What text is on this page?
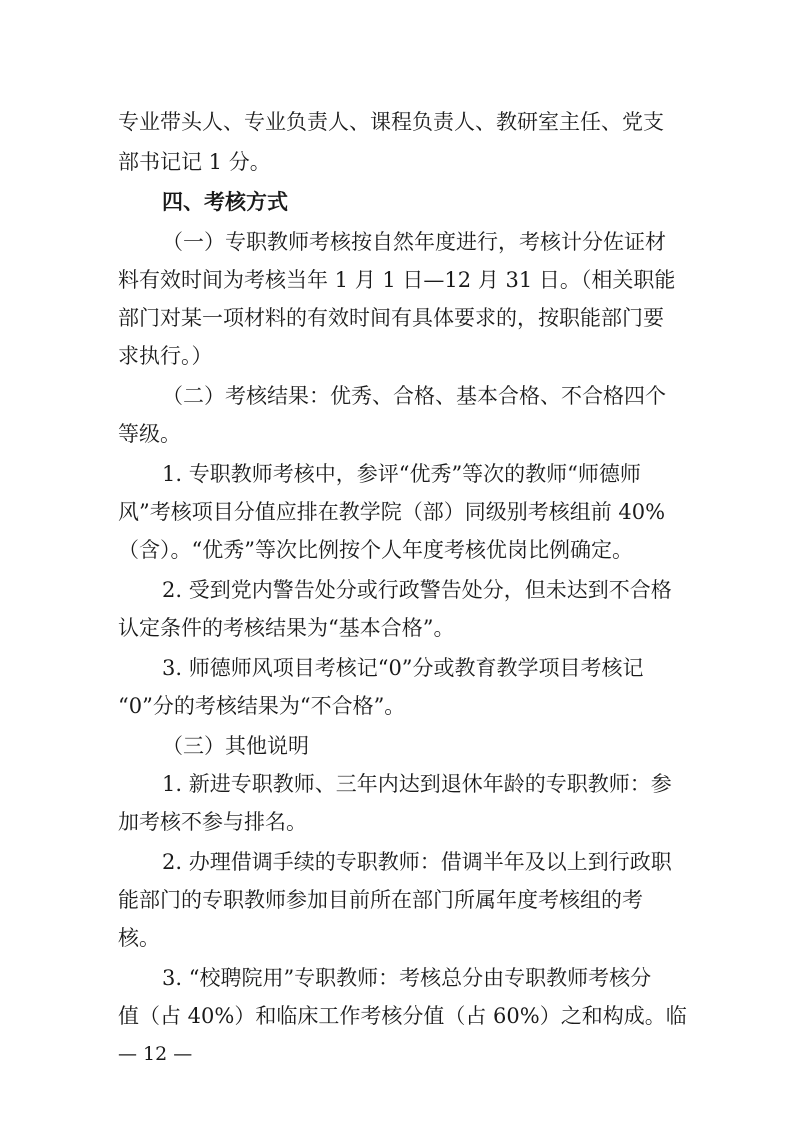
专业带头人、专业负责人、课程负责人、教研室主任、党支
部书记记 1 分。
四、考核方式
（一）专职教师考核按自然年度进行，考核计分佐证材
料有效时间为考核当年 1 月 1 日—12 月 31 日。（相关职能
部门对某一项材料的有效时间有具体要求的，按职能部门要
求执行。）
（二）考核结果：优秀、合格、基本合格、不合格四个
等级。
1. 专职教师考核中，参评“优秀”等次的教师“师德师
风”考核项目分值应排在教学院（部）同级别考核组前 40%
（含）。“优秀”等次比例按个人年度考核优岗比例确定。
2. 受到党内警告处分或行政警告处分，但未达到不合格
认定条件的考核结果为“基本合格”。
3. 师德师风项目考核记“0”分或教育教学项目考核记
“0”分的考核结果为“不合格”。
（三）其他说明
1. 新进专职教师、三年内达到退休年龄的专职教师：参
加考核不参与排名。
2. 办理借调手续的专职教师：借调半年及以上到行政职
能部门的专职教师参加目前所在部门所属年度考核组的考
核。
3. “校聘院用”专职教师：考核总分由专职教师考核分
值（占 40%）和临床工作考核分值（占 60%）之和构成。临
— 12 —
